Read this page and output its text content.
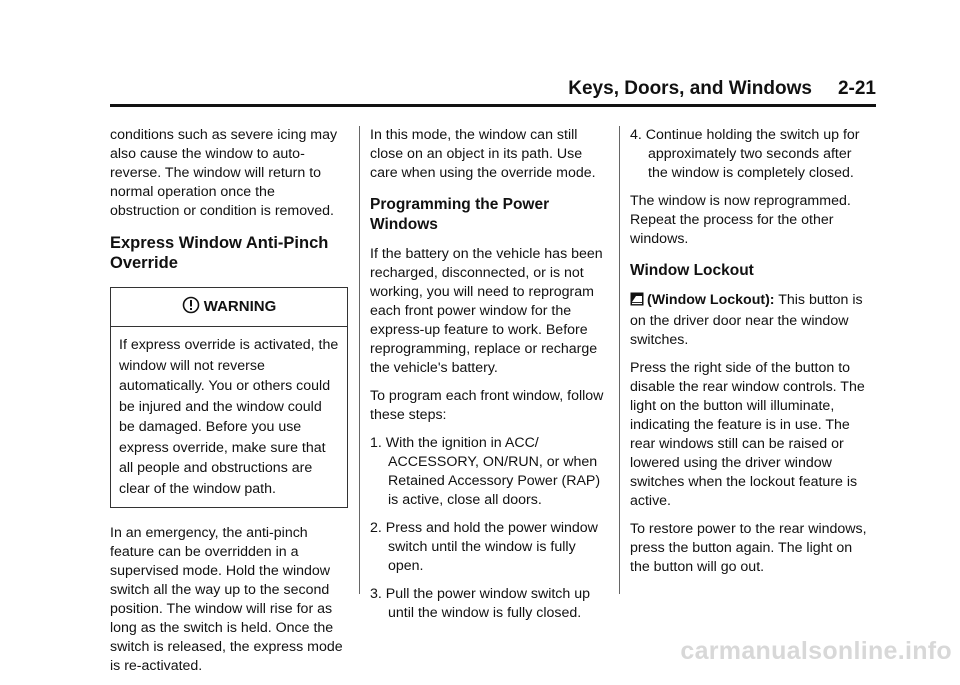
Keys, Doors, and Windows 2-21

conditions such as severe icing may also cause the window to auto-reverse. The window will return to normal operation once the obstruction or condition is removed.

Express Window Anti-Pinch Override
WARNING
If express override is activated, the window will not reverse automatically. You or others could be injured and the window could be damaged. Before you use express override, make sure that all people and obstructions are clear of the window path.

In an emergency, the anti-pinch feature can be overridden in a supervised mode. Hold the window switch all the way up to the second position. The window will rise for as long as the switch is held. Once the switch is released, the express mode is re-activated.

In this mode, the window can still close on an object in its path. Use care when using the override mode.

Programming the Power Windows

If the battery on the vehicle has been recharged, disconnected, or is not working, you will need to reprogram each front power window for the express-up feature to work. Before reprogramming, replace or recharge the vehicle's battery.

To program each front window, follow these steps:

1. With the ignition in ACC/ ACCESSORY, ON/RUN, or when Retained Accessory Power (RAP) is active, close all doors.
2. Press and hold the power window switch until the window is fully open.
3. Pull the power window switch up until the window is fully closed.
4. Continue holding the switch up for approximately two seconds after the window is completely closed.

The window is now reprogrammed. Repeat the process for the other windows.

Window Lockout

(Window Lockout): This button is on the driver door near the window switches.

Press the right side of the button to disable the rear window controls. The light on the button will illuminate, indicating the feature is in use. The rear windows still can be raised or lowered using the driver window switches when the lockout feature is active.

To restore power to the rear windows, press the button again. The light on the button will go out.

carmanualsonline.info
